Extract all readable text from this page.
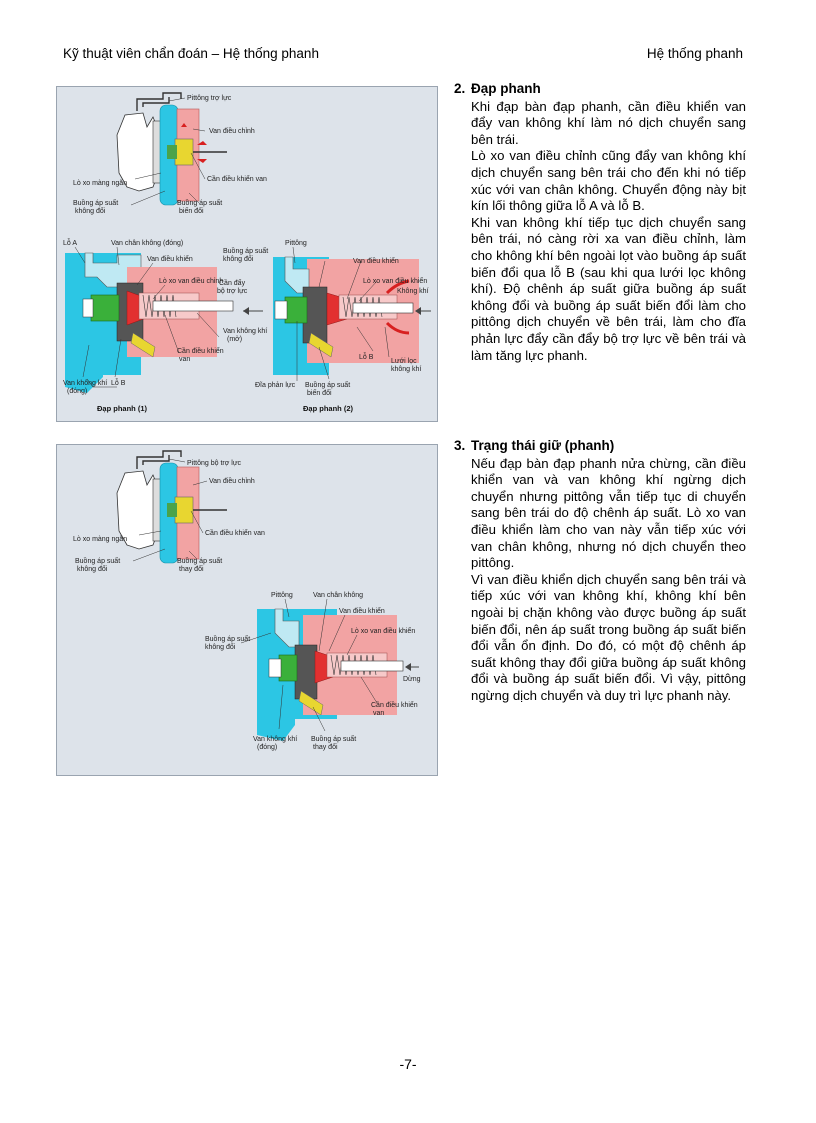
Kỹ thuật viên chẩn đoán – Hệ thống phanh	Hệ thống phanh
Pittông trợ lực
Van điều chỉnh
Cần điều khiển van
Lò xo màng ngăn
Buồng áp suất
không đổi
Buồng áp suất
biến đổi
Lỗ A	Van chân không (đóng)
Van điều khiển
Lò xo van điều chỉnh
Van không khí
(mở)
Cần điều khiển
van
Van không khí
(đóng)
Lỗ B
Đạp phanh (1)
Cần đẩy
bộ trợ lực
Pittông
Buồng áp suất
không đổi	Van điều khiển
Lò xo van điều khiển
Không khí
Lỗ B
Lưới lọc
không khí
Đĩa phản lực Buồng áp suất
biến đổi
Đạp phanh (2)
Pittông bộ trợ lực
Van điều chỉnh
Lò xo màng ngăn
Cần điều khiển van
Buồng áp suất
không đổi
Buồng áp suất
thay đổi
Pittông	Van chân không
Van điều khiển
Lò xo van điều khiển
Buồng áp suất
không đổi
Dừng
Cần điều khiển
van
Van không khí
(đóng)
Buồng áp suất
thay đổi
2. Đạp phanh

Khi đạp bàn đạp phanh, cần điều khiển van đẩy van không khí làm nó dịch chuyển sang bên trái.

Lò xo van điều chỉnh cũng đẩy van không khí dịch chuyển sang bên trái cho đến khi nó tiếp xúc với van chân không. Chuyển động này bịt kín lối thông giữa lỗ A và lỗ B.

Khi van không khí tiếp tục dịch chuyển sang bên trái, nó càng rời xa van điều chỉnh, làm cho không khí bên ngoài lọt vào buồng áp suất biến đổi qua lỗ B (sau khi qua lưới lọc không khí). Độ chênh áp suất giữa buồng áp suất không đổi và buồng áp suất biến đổi làm cho pittông dịch chuyển về bên trái, làm cho đĩa phản lực đẩy cần đẩy bộ trợ lực về bên trái và làm tăng lực phanh.

3. Trạng thái giữ (phanh)

Nếu đạp bàn đạp phanh nửa chừng, cần điều khiển van và van không khí ngừng dịch chuyển nhưng pittông vẫn tiếp tục di chuyển sang bên trái do độ chênh áp suất. Lò xo van điều khiển làm cho van này vẫn tiếp xúc với van chân không, nhưng nó dịch chuyển theo pittông.

Vì van điều khiển dịch chuyển sang bên trái và tiếp xúc với van không khí, không khí bên ngoài bị chặn không vào được buồng áp suất biến đổi, nên áp suất trong buồng áp suất biến đổi vẫn ổn định. Do đó, có một độ chênh áp suất không thay đổi giữa buồng áp suất không đổi và buồng áp suất biến đổi. Vì vậy, pittông ngừng dịch chuyển và duy trì lực phanh này.

-7-
